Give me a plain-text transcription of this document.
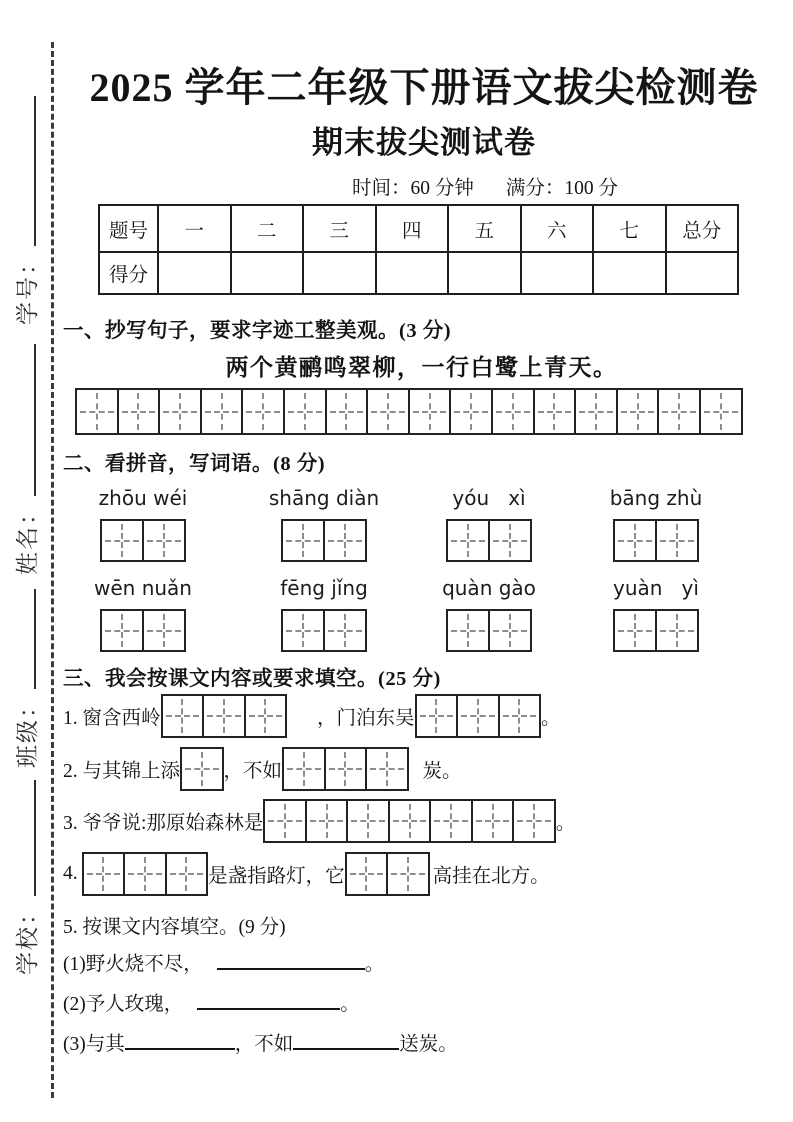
学号：
姓名：
班级：
学校：
2025 学年二年级下册语文拔尖检测卷
期末拔尖测试卷
时间：60 分钟 满分：100 分
题号	一	二	三	四	五	六	七	总分
得分								
一、抄写句子，要求字迹工整美观。(3 分)
两个黄鹂鸣翠柳，一行白鹭上青天。
二、看拼音，写词语。(8 分)
zhōu wéi	shāng diàn	yóu   xì	bāng zhù
wēn nuǎn	fēng jǐng	quàn gào	yuàn   yì
三、我会按课文内容或要求填空。(25 分)
1. 窗含西岭	，门泊东吴	。
2. 与其锦上添 ，不如	炭。
3. 爷爷说:那原始森林是	。
4.	是盏指路灯，它	高挂在北方。
5. 按课文内容填空。(9 分)
(1)野火烧不尽，	。
(2)予人玫瑰，	。
(3)与其	，不如	送炭。
